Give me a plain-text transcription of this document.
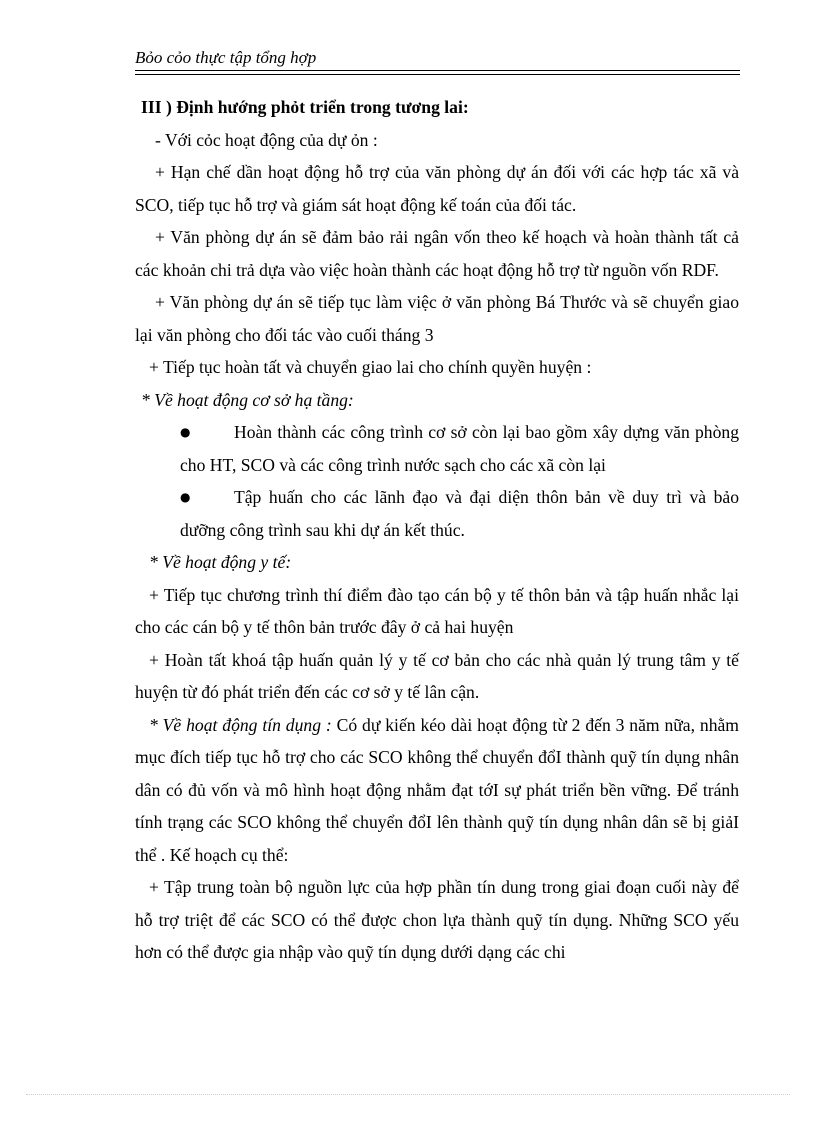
Bỏo cỏo thực tập tổng hợp

III ) Định hướng phỏt triển trong tương lai:

- Với cỏc hoạt động của dự ỏn :

+ Hạn chế dần hoạt động hỗ trợ của văn phòng dự án đối với các hợp tác xã và SCO, tiếp tục hỗ trợ và giám sát hoạt động kế toán của đối tác.

+ Văn phòng dự án sẽ đảm bảo rải ngân vốn theo kế hoạch và hoàn thành tất cả các khoản chi trả dựa vào việc hoàn thành các hoạt động hỗ trợ từ nguồn vốn RDF.

+ Văn phòng dự án sẽ tiếp tục làm việc ở văn phòng Bá Thước và sẽ chuyển giao lại văn phòng cho đối tác vào cuối tháng 3

+ Tiếp tục hoàn tất và chuyển giao lai cho chính quyền huyện :

* Về hoạt động cơ sở hạ tầng:

●	Hoàn thành các công trình cơ sở còn lại bao gồm xây dựng văn phòng cho HT, SCO và các công trình nước sạch cho các xã còn lại
●	Tập huấn cho các lãnh đạo và đại diện thôn bản về duy trì và bảo dưỡng công trình sau khi dự án kết thúc.

* Về hoạt động y tế:

+ Tiếp tục chương trình thí điểm đào tạo cán bộ y tế thôn bản và tập huấn nhắc lại cho các cán bộ y tế thôn bản trước đây ở cả hai huyện

+ Hoàn tất khoá tập huấn quản lý y tế cơ bản cho các nhà quản lý trung tâm y tế huyện từ đó phát triển đến các cơ sở y tế lân cận.

* Về hoạt động tín dụng : Có dự kiến kéo dài hoạt động từ 2 đến 3 năm nữa, nhằm mục đích tiếp tục hỗ trợ cho các SCO không thể chuyển đổI thành quỹ tín dụng nhân dân có đủ vốn và mô hình hoạt động nhằm đạt tớI sự phát triển bền vững. Để tránh tính trạng các SCO không thể chuyển đổI lên thành quỹ tín dụng nhân dân sẽ bị giảI thể . Kế hoạch cụ thể:

+ Tập trung toàn bộ nguồn lực của hợp phần tín dung trong giai đoạn cuối này để hỗ trợ triệt để các SCO có thể được chon lựa thành quỹ tín dụng. Những SCO yếu hơn có thể được gia nhập vào quỹ tín dụng dưới dạng các chi
